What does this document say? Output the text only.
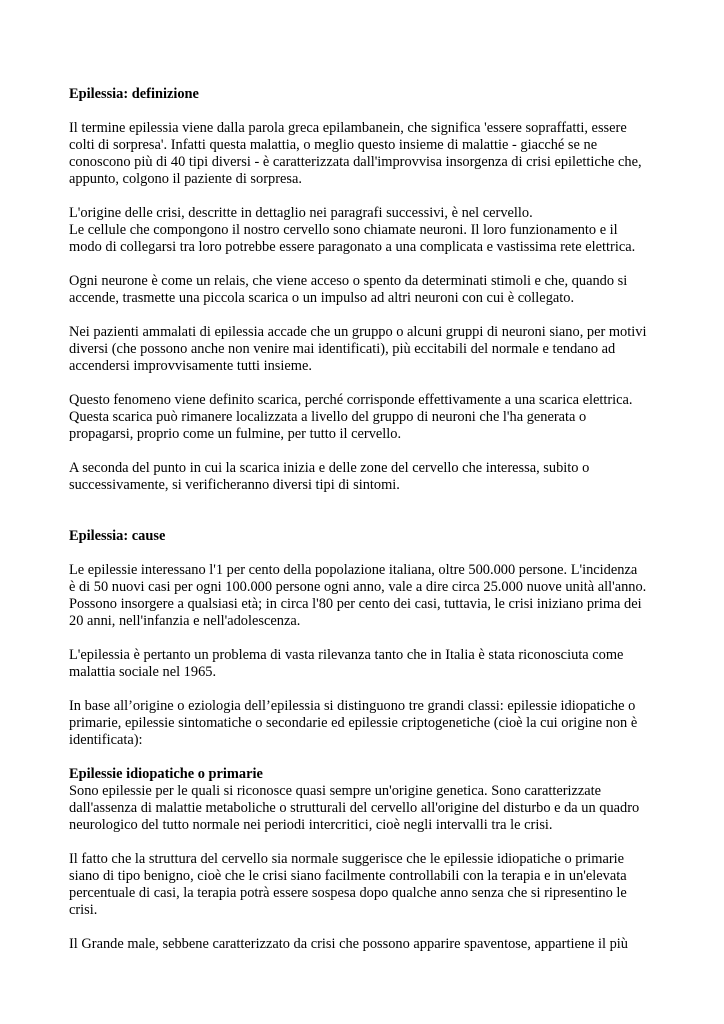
Epilessia: definizione

Il termine epilessia viene dalla parola greca epilambanein, che significa 'essere sopraffatti, essere
colti di sorpresa'. Infatti questa malattia, o meglio questo insieme di malattie - giacché se ne
conoscono più di 40 tipi diversi - è caratterizzata dall'improvvisa insorgenza di crisi epilettiche che,
appunto, colgono il paziente di sorpresa.
L'origine delle crisi, descritte in dettaglio nei paragrafi successivi, è nel cervello.
Le cellule che compongono il nostro cervello sono chiamate neuroni. Il loro funzionamento e il
modo di collegarsi tra loro potrebbe essere paragonato a una complicata e vastissima rete elettrica.
Ogni neurone è come un relais, che viene acceso o spento da determinati stimoli e che, quando si
accende, trasmette una piccola scarica o un impulso ad altri neuroni con cui è collegato.
Nei pazienti ammalati di epilessia accade che un gruppo o alcuni gruppi di neuroni siano, per motivi
diversi (che possono anche non venire mai identificati), più eccitabili del normale e tendano ad
accendersi improvvisamente tutti insieme.
Questo fenomeno viene definito scarica, perché corrisponde effettivamente a una scarica elettrica.
Questa scarica può rimanere localizzata a livello del gruppo di neuroni che l'ha generata o
propagarsi, proprio come un fulmine, per tutto il cervello.
A seconda del punto in cui la scarica inizia e delle zone del cervello che interessa, subito o
successivamente, si verificheranno diversi tipi di sintomi.

Epilessia: cause

Le epilessie interessano l'1 per cento della popolazione italiana, oltre 500.000 persone. L'incidenza
è di 50 nuovi casi per ogni 100.000 persone ogni anno, vale a dire circa 25.000 nuove unità all'anno.
Possono insorgere a qualsiasi età; in circa l'80 per cento dei casi, tuttavia, le crisi iniziano prima dei
20 anni, nell'infanzia e nell'adolescenza.
L'epilessia è pertanto un problema di vasta rilevanza tanto che in Italia è stata riconosciuta come
malattia sociale nel 1965.
In base all’origine o eziologia dell’epilessia si distinguono tre grandi classi: epilessie idiopatiche o
primarie, epilessie sintomatiche o secondarie ed epilessie criptogenetiche (cioè la cui origine non è
identificata):

Epilessie idiopatiche o primarie

Sono epilessie per le quali si riconosce quasi sempre un'origine genetica. Sono caratterizzate
dall'assenza di malattie metaboliche o strutturali del cervello all'origine del disturbo e da un quadro
neurologico del tutto normale nei periodi intercritici, cioè negli intervalli tra le crisi.
Il fatto che la struttura del cervello sia normale suggerisce che le epilessie idiopatiche o primarie
siano di tipo benigno, cioè che le crisi siano facilmente controllabili con la terapia e in un'elevata
percentuale di casi, la terapia potrà essere sospesa dopo qualche anno senza che si ripresentino le
crisi.
Il Grande male, sebbene caratterizzato da crisi che possono apparire spaventose, appartiene il più
